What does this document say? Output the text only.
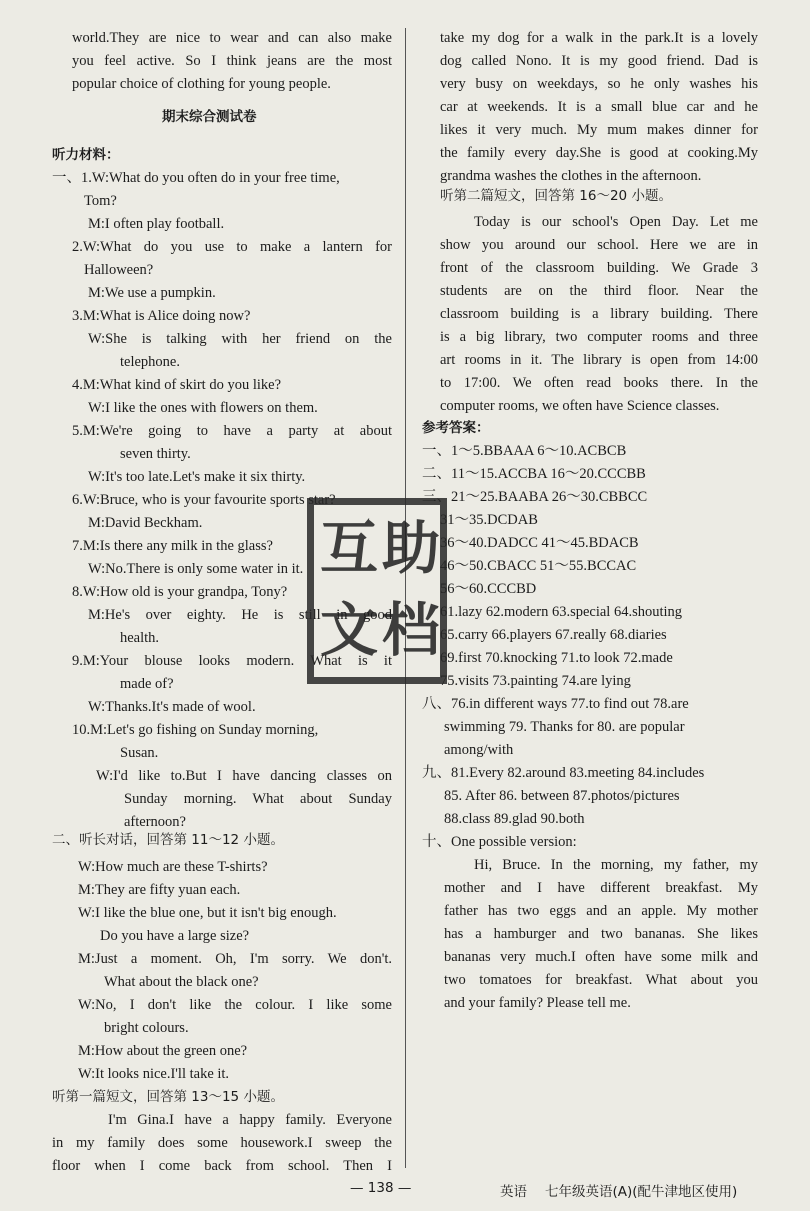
world.They are nice to wear and can also make
you feel active. So I think jeans are the most
popular choice of clothing for young people.
期末综合测试卷
听力材料：
一、1.W:What do you often do in your free time,
Tom?
M:I often play football.
2.W:What do you use to make a lantern for
Halloween?
M:We use a pumpkin.
3.M:What is Alice doing now?
W:She is talking with her friend on the
telephone.
4.M:What kind of skirt do you like?
W:I like the ones with flowers on them.
5.M:We're going to have a party at about
seven thirty.
W:It's too late.Let's make it six thirty.
6.W:Bruce, who is your favourite sports star?
M:David Beckham.
7.M:Is there any milk in the glass?
W:No.There is only some water in it.
8.W:How old is your grandpa, Tony?
M:He's over eighty. He is still in good
health.
9.M:Your blouse looks modern. What is it
made of?
W:Thanks.It's made of wool.
10.M:Let's go fishing on Sunday morning,
Susan.
W:I'd like to.But I have dancing classes on
Sunday morning. What about Sunday
afternoon?
二、听长对话，回答第 11～12 小题。
W:How much are these T-shirts?
M:They are fifty yuan each.
W:I like the blue one, but it isn't big enough.
Do you have a large size?
M:Just a moment. Oh, I'm sorry. We don't.
What about the black one?
W:No, I don't like the colour. I like some
bright colours.
M:How about the green one?
W:It looks nice.I'll take it.
听第一篇短文，回答第 13～15 小题。
I'm Gina.I have a happy family. Everyone
in my family does some housework.I sweep the
floor when I come back from school. Then I
take my dog for a walk in the park.It is a lovely
dog called Nono. It is my good friend. Dad is
very busy on weekdays, so he only washes his
car at weekends. It is a small blue car and he
likes it very much. My mum makes dinner for
the family every day.She is good at cooking.My
grandma washes the clothes in the afternoon.
听第二篇短文，回答第 16～20 小题。
Today is our school's Open Day. Let me
show you around our school. Here we are in
front of the classroom building. We Grade 3
students are on the third floor. Near the
classroom building is a library building. There
is a big library, two computer rooms and three
art rooms in it. The library is open from 14:00
to 17:00. We often read books there. In the
computer rooms, we often have Science classes.
参考答案：
一、1～5.BBAAA 6～10.ACBCB
二、11～15.ACCBA 16～20.CCCBB
三、21～25.BAABA 26～30.CBBCC
31～35.DCDAB
36～40.DADCC 41～45.BDACB
46～50.CBACC 51～55.BCCAC
56～60.CCCBD
61.lazy 62.modern 63.special 64.shouting
65.carry 66.players 67.really 68.diaries
69.first 70.knocking 71.to look 72.made
75.visits 73.painting 74.are lying
八、76.in different ways 77.to find out 78.are
swimming 79. Thanks for 80. are popular
among/with
九、81.Every 82.around 83.meeting 84.includes
85. After 86. between 87.photos/pictures
88.class 89.glad 90.both
十、One possible version:
Hi, Bruce. In the morning, my father, my
mother and I have different breakfast. My
father has two eggs and an apple. My mother
has a hamburger and two bananas. She likes
bananas very much.I often have some milk and
two tomatoes for breakfast. What about you
and your family? Please tell me.
互 助
文 档
— 138 —	英语 七年级英语(A)(配牛津地区使用)
